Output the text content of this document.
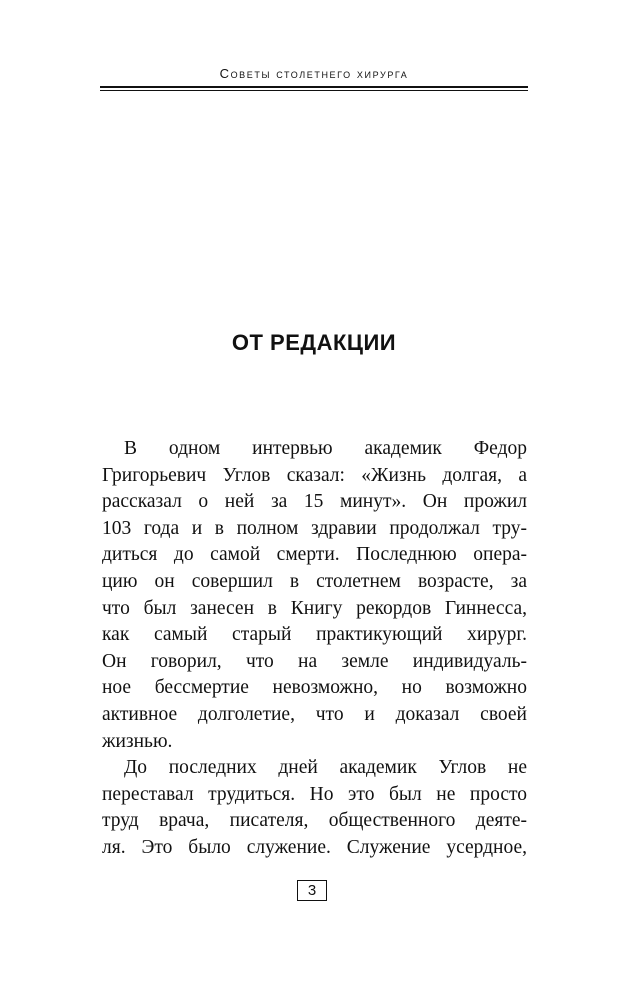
Советы столетнего хирурга
ОТ РЕДАКЦИИ
В одном интервью академик Федор
Григорьевич Углов сказал: «Жизнь долгая, а
рассказал о ней за 15 минут». Он прожил
103 года и в полном здравии продолжал тру-
диться до самой смерти. Последнюю опера-
цию он совершил в столетнем возрасте, за
что был занесен в Книгу рекордов Гиннесса,
как самый старый практикующий хирург.
Он говорил, что на земле индивидуаль-
ное бессмертие невозможно, но возможно
активное долголетие, что и доказал своей
жизнью.
До последних дней академик Углов не
переставал трудиться. Но это был не просто
труд врача, писателя, общественного деяте-
ля. Это было служение. Служение усердное,
3
